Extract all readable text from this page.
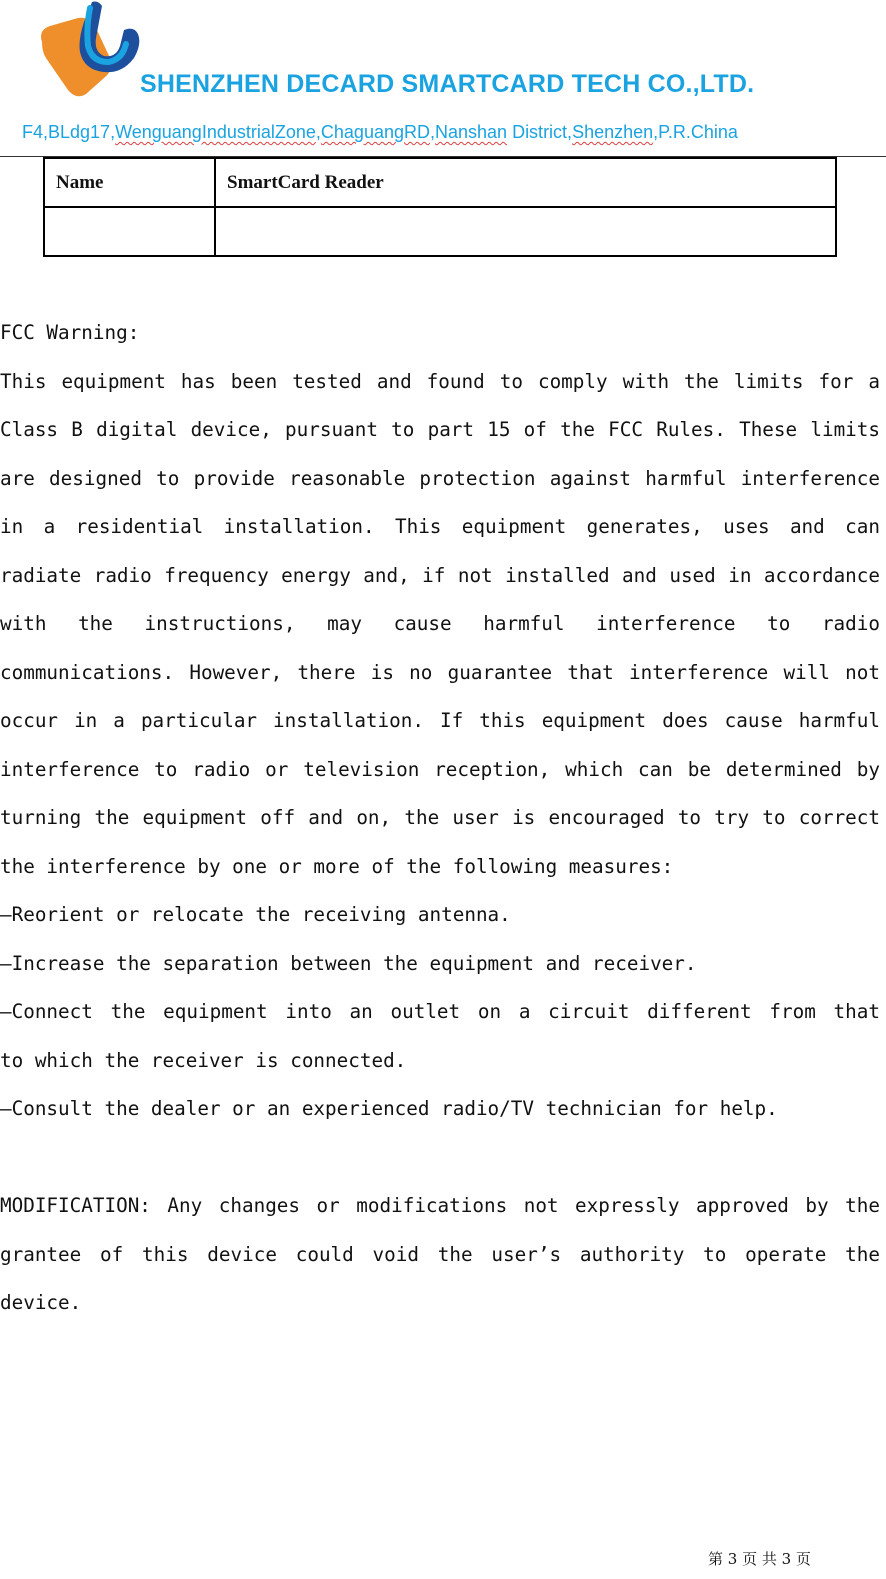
SHENZHEN DECARD SMARTCARD TECH CO.,LTD.
F4,BLdg17,WenguangIndustrialZone,ChaguangRD,Nanshan District,Shenzhen,P.R.China
Name	SmartCard Reader

FCC Warning:

This equipment has been tested and found to comply with the limits for a

Class B digital device, pursuant to part 15 of the FCC Rules. These limits

are designed to provide reasonable protection against harmful interference

in a residential installation. This equipment generates, uses and can

radiate radio frequency energy and, if not installed and used in accordance

with the instructions, may cause harmful interference to radio

communications. However, there is no guarantee that interference will not

occur in a particular installation. If this equipment does cause harmful

interference to radio or television reception, which can be determined by

turning the equipment off and on, the user is encouraged to try to correct

the interference by one or more of the following measures:

—Reorient or relocate the receiving antenna.

—Increase the separation between the equipment and receiver.

—Connect the equipment into an outlet on a circuit different from that

to which the receiver is connected.

—Consult the dealer or an experienced radio/TV technician for help.

MODIFICATION: Any changes or modifications not expressly approved by the

grantee of this device could void the user’s authority to operate the

device.

第 3 页 共 3 页
